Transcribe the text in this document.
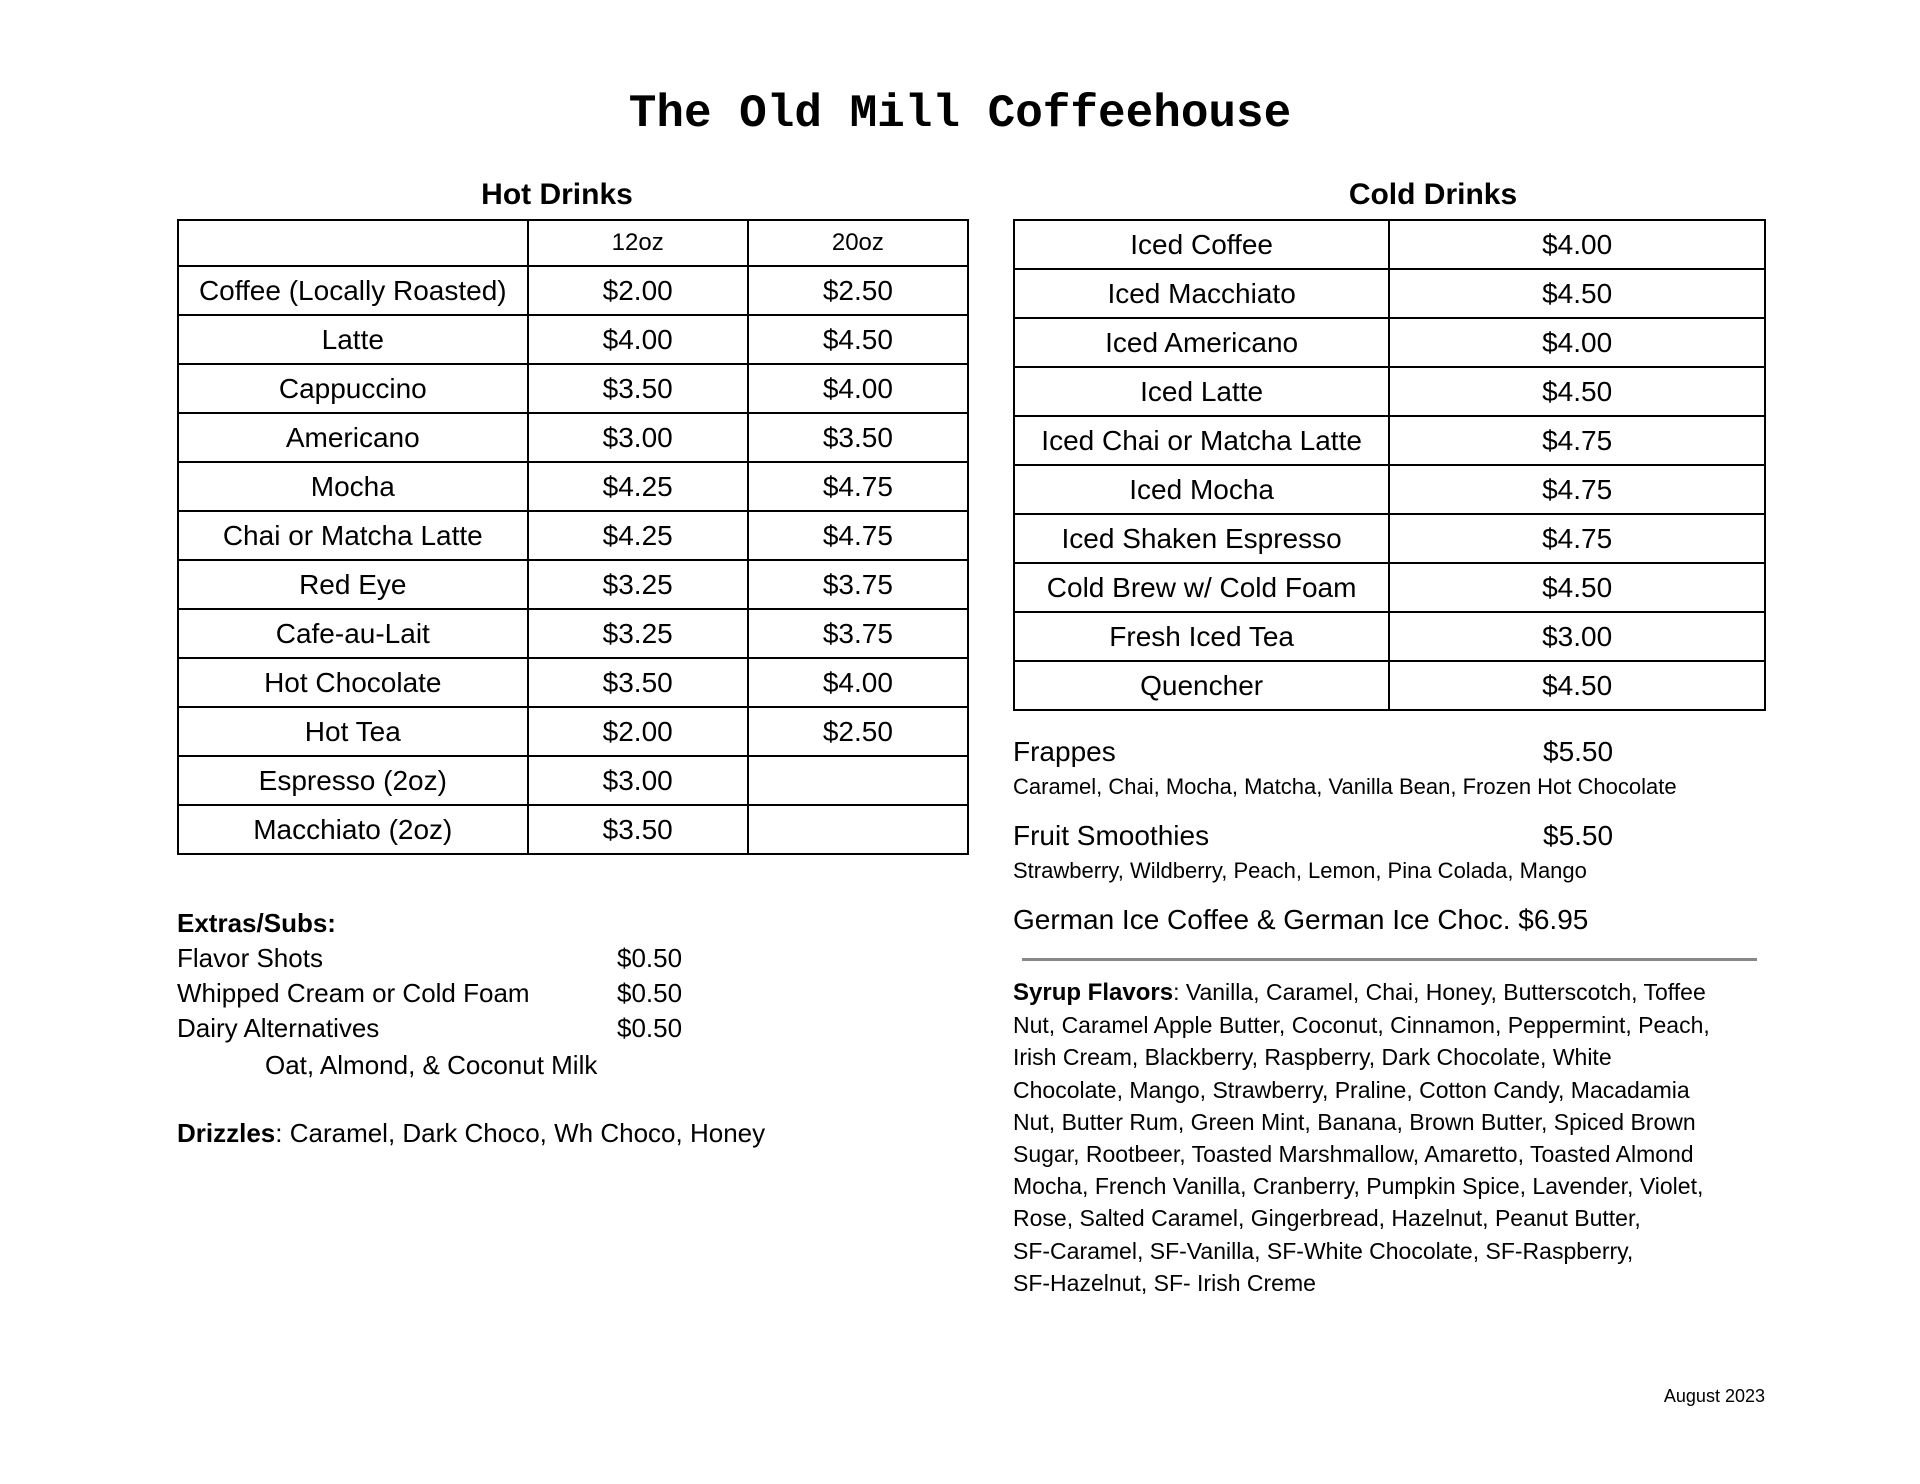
The Old Mill Coffeehouse
Hot Drinks	Cold Drinks
	12oz	20oz
Coffee (Locally Roasted)	$2.00	$2.50
Latte	$4.00	$4.50
Cappuccino	$3.50	$4.00
Americano	$3.00	$3.50
Mocha	$4.25	$4.75
Chai or Matcha Latte	$4.25	$4.75
Red Eye	$3.25	$3.75
Cafe-au-Lait	$3.25	$3.75
Hot Chocolate	$3.50	$4.00
Hot Tea	$2.00	$2.50
Espresso (2oz)	$3.00	
Macchiato (2oz)	$3.50	
Iced Coffee	$4.00
Iced Macchiato	$4.50
Iced Americano	$4.00
Iced Latte	$4.50
Iced Chai or Matcha Latte	$4.75
Iced Mocha	$4.75
Iced Shaken Espresso	$4.75
Cold Brew w/ Cold Foam	$4.50
Fresh Iced Tea	$3.00
Quencher	$4.50
Frappes	$5.50
Caramel, Chai, Mocha, Matcha, Vanilla Bean, Frozen Hot Chocolate
Fruit Smoothies	$5.50
Strawberry, Wildberry, Peach, Lemon, Pina Colada, Mango
German Ice Coffee & German Ice Choc. $6.95
Syrup Flavors: Vanilla, Caramel, Chai, Honey, Butterscotch, Toffee
Nut, Caramel Apple Butter, Coconut, Cinnamon, Peppermint, Peach,
Irish Cream, Blackberry, Raspberry, Dark Chocolate, White
Chocolate, Mango, Strawberry, Praline, Cotton Candy, Macadamia
Nut, Butter Rum, Green Mint, Banana, Brown Butter, Spiced Brown
Sugar, Rootbeer, Toasted Marshmallow, Amaretto, Toasted Almond
Mocha, French Vanilla, Cranberry, Pumpkin Spice, Lavender, Violet,
Rose, Salted Caramel, Gingerbread, Hazelnut, Peanut Butter,
SF-Caramel, SF-Vanilla, SF-White Chocolate, SF-Raspberry,
SF-Hazelnut, SF- Irish Creme
Extras/Subs:
Flavor Shots	$0.50
Whipped Cream or Cold Foam	$0.50
Dairy Alternatives	$0.50
Oat, Almond, & Coconut Milk
Drizzles: Caramel, Dark Choco, Wh Choco, Honey
August 2023
